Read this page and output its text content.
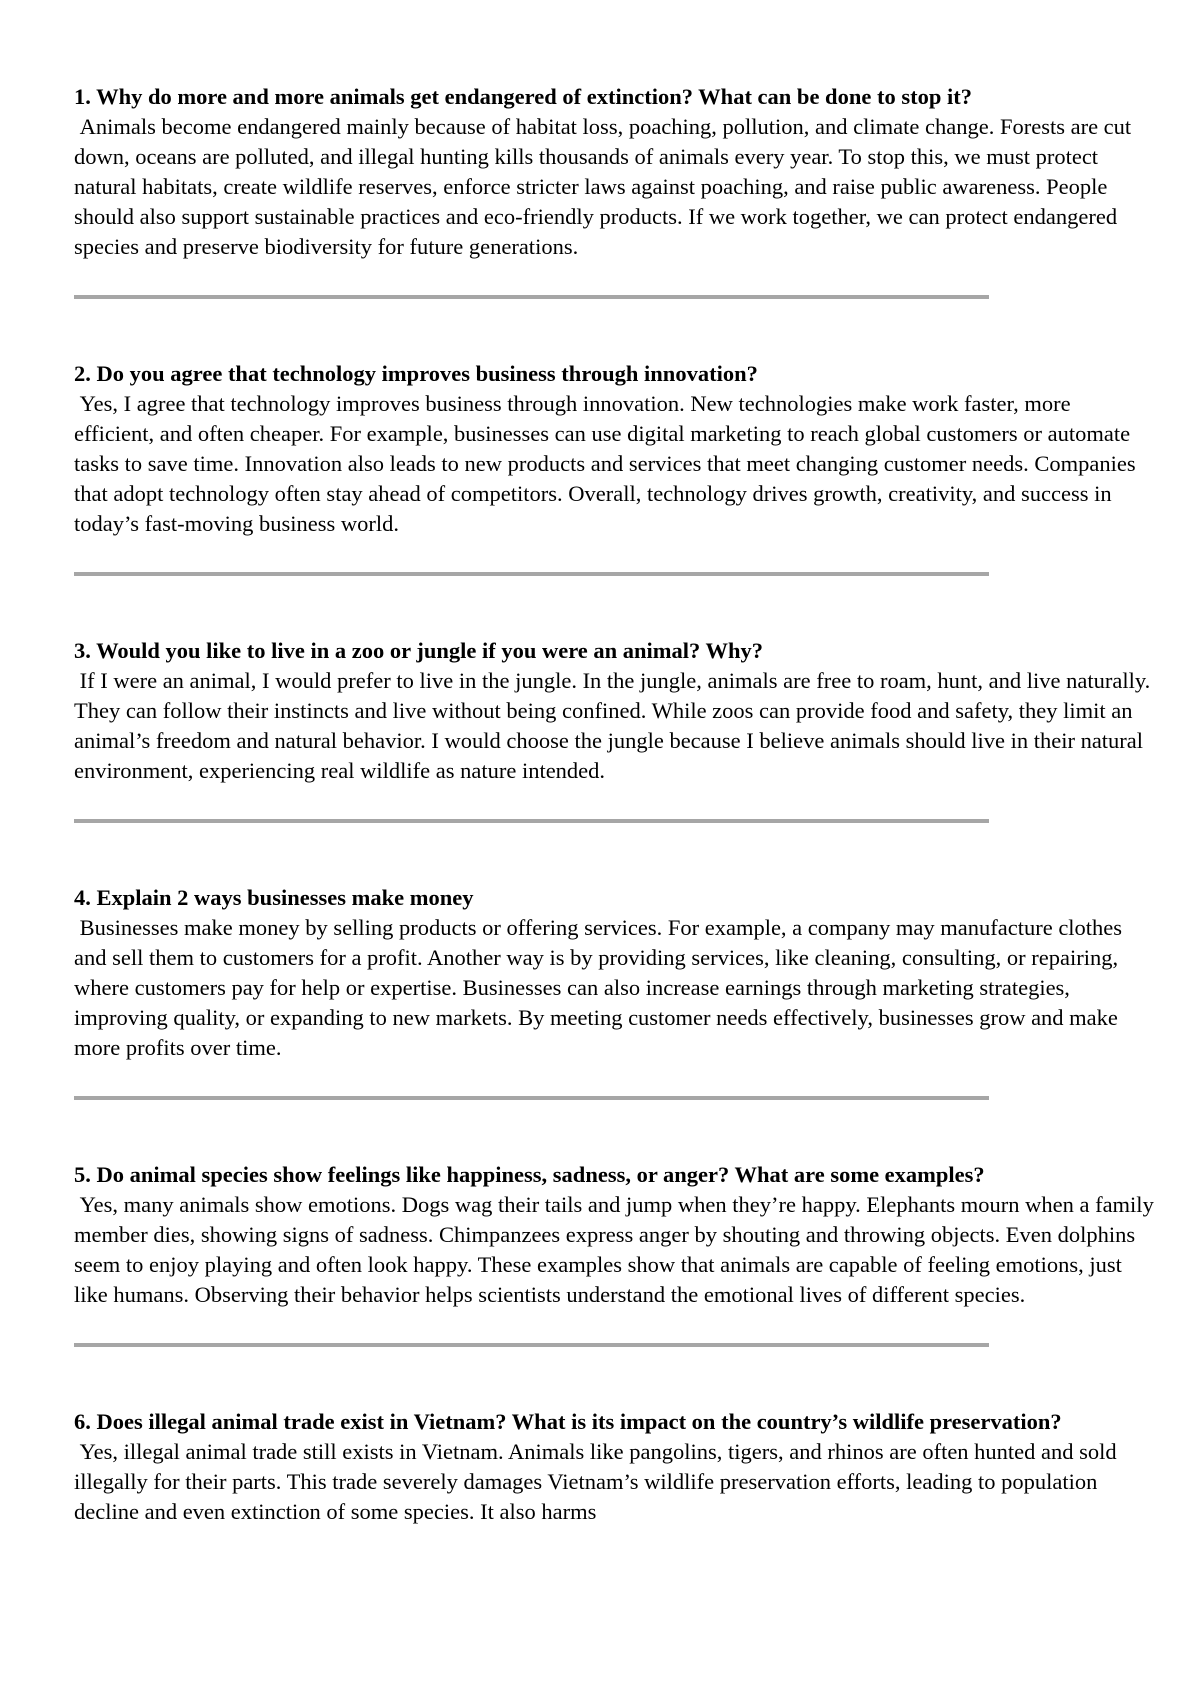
1. Why do more and more animals get endangered of extinction? What can be done to stop it?

Animals become endangered mainly because of habitat loss, poaching, pollution, and climate change. Forests are cut down, oceans are polluted, and illegal hunting kills thousands of animals every year. To stop this, we must protect natural habitats, create wildlife reserves, enforce stricter laws against poaching, and raise public awareness. People should also support sustainable practices and eco-friendly products. If we work together, we can protect endangered species and preserve biodiversity for future generations.

2. Do you agree that technology improves business through innovation?

Yes, I agree that technology improves business through innovation. New technologies make work faster, more efficient, and often cheaper. For example, businesses can use digital marketing to reach global customers or automate tasks to save time. Innovation also leads to new products and services that meet changing customer needs. Companies that adopt technology often stay ahead of competitors. Overall, technology drives growth, creativity, and success in today’s fast-moving business world.

3. Would you like to live in a zoo or jungle if you were an animal? Why?

If I were an animal, I would prefer to live in the jungle. In the jungle, animals are free to roam, hunt, and live naturally. They can follow their instincts and live without being confined. While zoos can provide food and safety, they limit an animal’s freedom and natural behavior. I would choose the jungle because I believe animals should live in their natural environment, experiencing real wildlife as nature intended.

4. Explain 2 ways businesses make money

Businesses make money by selling products or offering services. For example, a company may manufacture clothes and sell them to customers for a profit. Another way is by providing services, like cleaning, consulting, or repairing, where customers pay for help or expertise. Businesses can also increase earnings through marketing strategies, improving quality, or expanding to new markets. By meeting customer needs effectively, businesses grow and make more profits over time.

5. Do animal species show feelings like happiness, sadness, or anger? What are some examples?

Yes, many animals show emotions. Dogs wag their tails and jump when they’re happy. Elephants mourn when a family member dies, showing signs of sadness. Chimpanzees express anger by shouting and throwing objects. Even dolphins seem to enjoy playing and often look happy. These examples show that animals are capable of feeling emotions, just like humans. Observing their behavior helps scientists understand the emotional lives of different species.

6. Does illegal animal trade exist in Vietnam? What is its impact on the country’s wildlife preservation?

Yes, illegal animal trade still exists in Vietnam. Animals like pangolins, tigers, and rhinos are often hunted and sold illegally for their parts. This trade severely damages Vietnam’s wildlife preservation efforts, leading to population decline and even extinction of some species. It also harms
